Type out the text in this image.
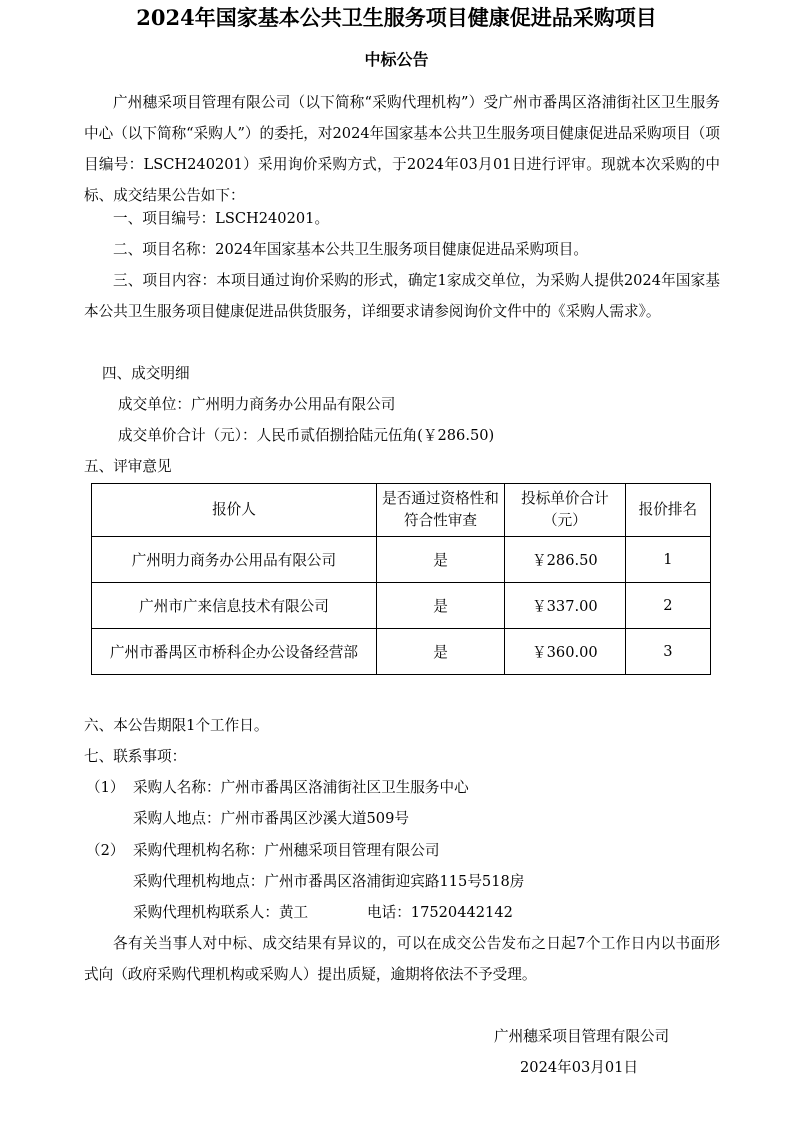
2024年国家基本公共卫生服务项目健康促进品采购项目
中标公告
广州穗采项目管理有限公司（以下简称“采购代理机构”）受广州市番禺区洛浦街社区卫生服务中心（以下简称“采购人”）的委托，对2024年国家基本公共卫生服务项目健康促进品采购项目（项目编号：LSCH240201）采用询价采购方式，于2024年03月01日进行评审。现就本次采购的中标、成交结果公告如下：
一、项目编号：LSCH240201。
二、项目名称：2024年国家基本公共卫生服务项目健康促进品采购项目。
三、项目内容：本项目通过询价采购的形式，确定1家成交单位，为采购人提供2024年国家基本公共卫生服务项目健康促进品供货服务，详细要求请参阅询价文件中的《采购人需求》。
四、成交明细
成交单位：广州明力商务办公用品有限公司
成交单价合计（元）：人民币贰佰捌拾陆元伍角(￥286.50)
五、评审意见
报价人	是否通过资格性和符合性审查	投标单价合计（元）	报价排名
广州明力商务办公用品有限公司	是	￥286.50	1
广州市广来信息技术有限公司	是	￥337.00	2
广州市番禺区市桥科企办公设备经营部	是	￥360.00	3
六、本公告期限1个工作日。
七、联系事项：
（1） 采购人名称：广州市番禺区洛浦街社区卫生服务中心
采购人地点：广州市番禺区沙溪大道509号
（2） 采购代理机构名称：广州穗采项目管理有限公司
采购代理机构地点：广州市番禺区洛浦街迎宾路115号518房
采购代理机构联系人：黄工	电话：17520442142
各有关当事人对中标、成交结果有异议的，可以在成交公告发布之日起7个工作日内以书面形式向（政府采购代理机构或采购人）提出质疑，逾期将依法不予受理。
广州穗采项目管理有限公司
2024年03月01日
